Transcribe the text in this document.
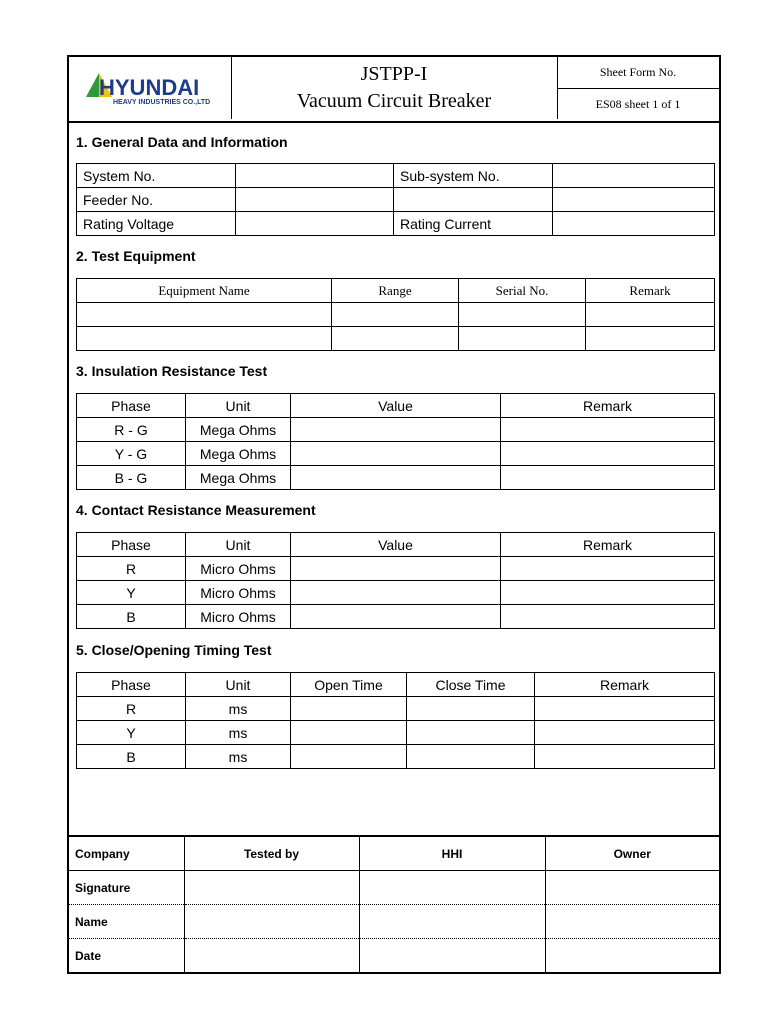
HYUNDAI
HEAVY INDUSTRIES CO.,LTD
JSTPP-I
Vacuum Circuit Breaker
Sheet Form No.
ES08 sheet 1 of 1
1. General Data and Information
System No.		Sub-system No.	
Feeder No.			
Rating Voltage		Rating Current	
2. Test Equipment
Equipment Name	Range	Serial No.	Remark

3. Insulation Resistance Test
Phase	Unit	Value	Remark
R - G	Mega Ohms		
Y - G	Mega Ohms		
B - G	Mega Ohms		
4. Contact Resistance Measurement
Phase	Unit	Value	Remark
R	Micro Ohms		
Y	Micro Ohms		
B	Micro Ohms		
5. Close/Opening Timing Test
Phase	Unit	Open Time	Close Time	Remark
R	ms			
Y	ms			
B	ms			
Company	Tested by	HHI	Owner
Signature			
Name			
Date			
